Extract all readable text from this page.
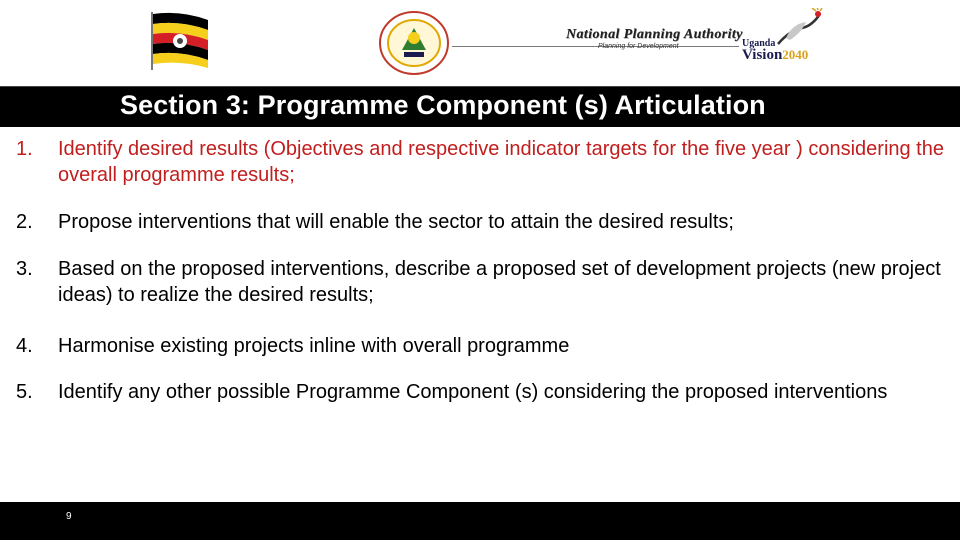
National Planning Authority
Planning for Development	Uganda
Vision2040
Section 3: Programme Component (s) Articulation
1.	Identify desired results (Objectives and respective indicator targets for the five year ) considering the overall programme results;
2.	Propose interventions that will enable the sector to attain the desired results;
3.	Based on the proposed interventions, describe a proposed set of development projects (new project ideas) to realize the desired results;
4.	Harmonise existing projects inline with overall programme
5.	Identify any other possible Programme Component (s) considering the proposed interventions
9
